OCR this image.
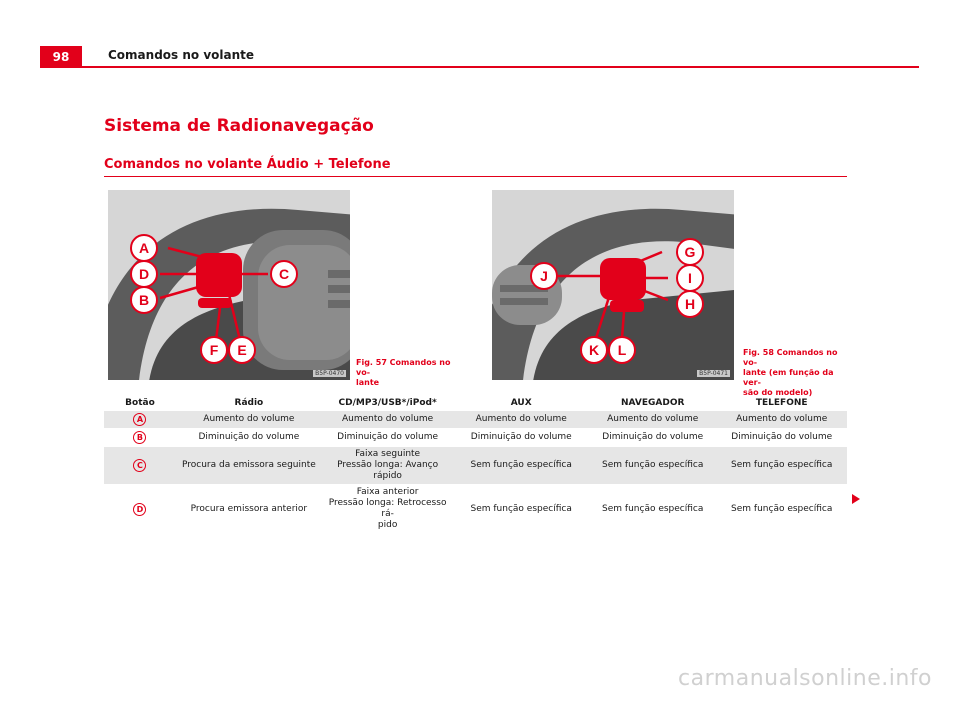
98	Comandos no volante
Sistema de Radionavegação
Comandos no volante Áudio + Telefone
A
D
B
C
F E
B5P-0470
Fig. 57 Comandos no vo-
lante
G
J	I
H
K L
B5P-0471
Fig. 58 Comandos no vo-
lante (em função da ver-
são do modelo)
Botão	Rádio	CD/MP3/USB*/iPod*	AUX	NAVEGADOR	TELEFONE
A	Aumento do volume	Aumento do volume	Aumento do volume	Aumento do volume	Aumento do volume
B	Diminuição do volume	Diminuição do volume	Diminuição do volume	Diminuição do volume	Diminuição do volume
C	Procura da emissora seguinte	Faixa seguinte
Pressão longa: Avanço rápido	Sem função específica	Sem função específica	Sem função específica
D	Procura emissora anterior	Faixa anterior
Pressão longa: Retrocesso rá-
pido	Sem função específica	Sem função específica	Sem função específica
carmanualsonline.info
